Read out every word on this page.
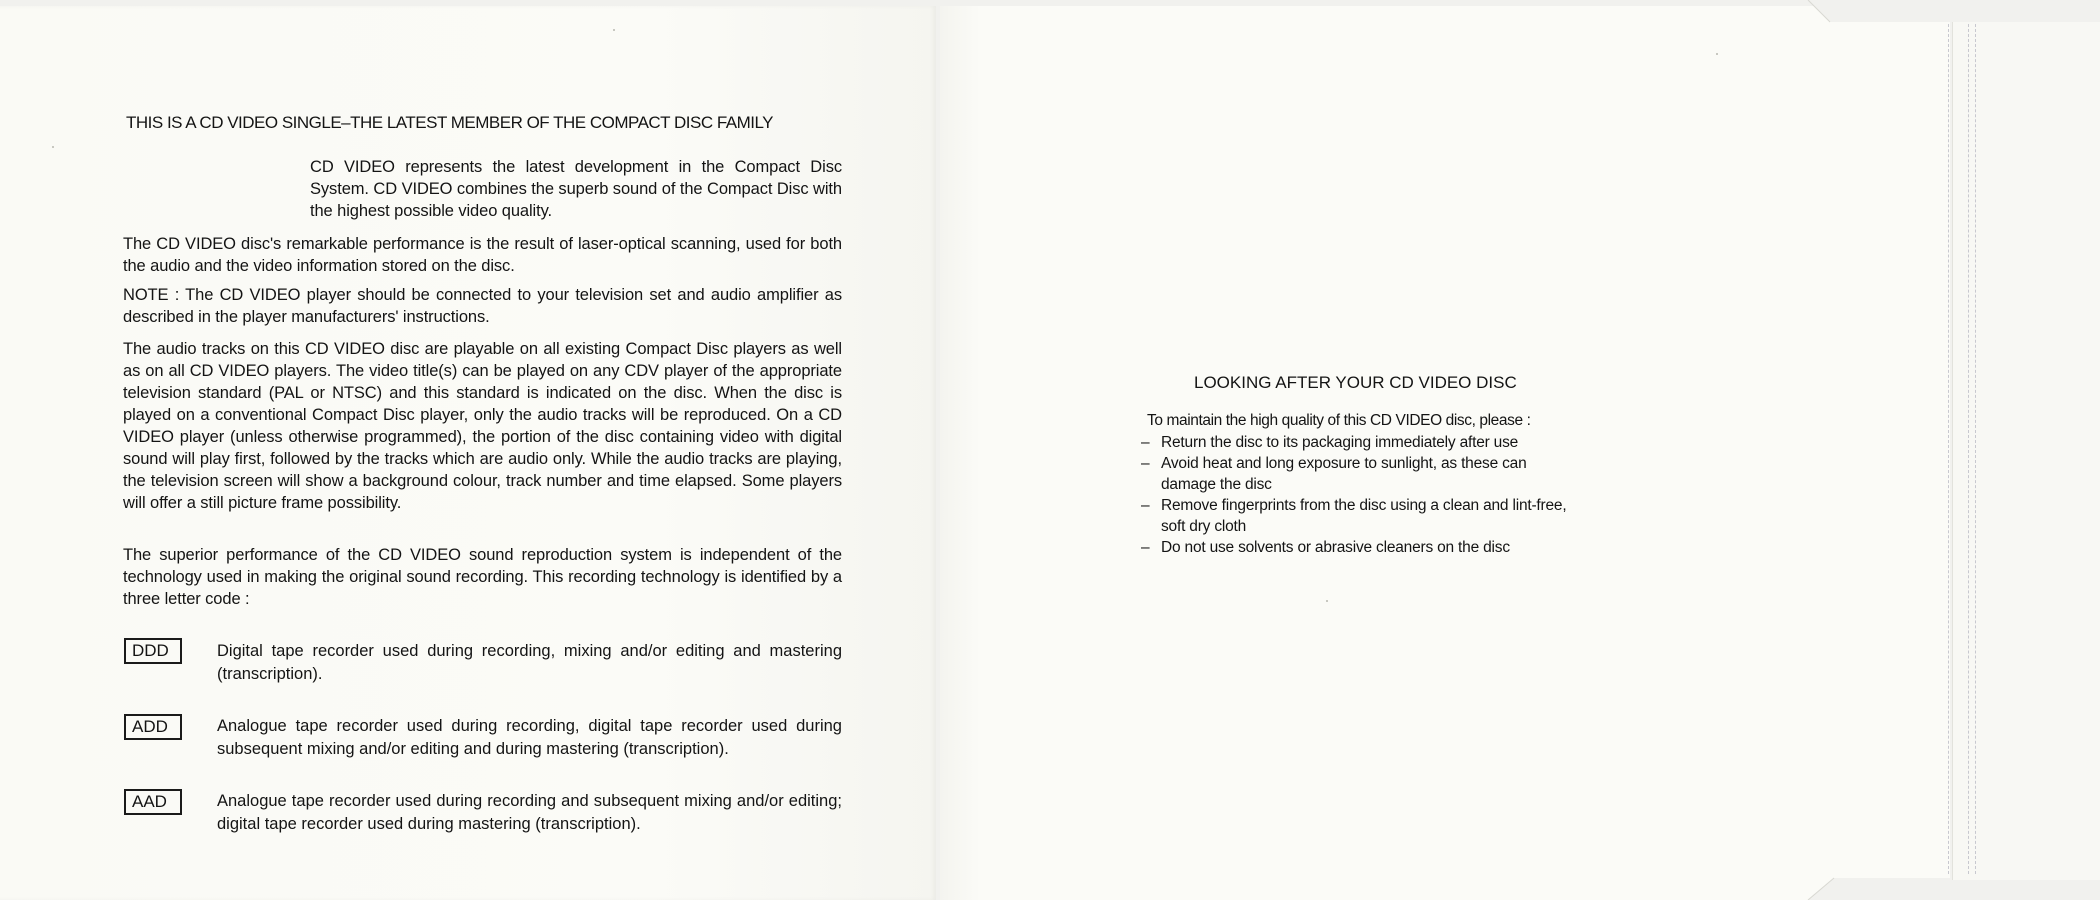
THIS IS A CD VIDEO SINGLE–THE LATEST MEMBER OF THE COMPACT DISC FAMILY

CD VIDEO represents the latest development in the Compact Disc System. CD VIDEO combines the superb sound of the Compact Disc with the highest possible video quality.

The CD VIDEO disc's remarkable performance is the result of laser-optical scanning, used for both the audio and the video information stored on the disc.

NOTE : The CD VIDEO player should be connected to your television set and audio amplifier as described in the player manufacturers' instructions.

The audio tracks on this CD VIDEO disc are playable on all existing Compact Disc players as well as on all CD VIDEO players. The video title(s) can be played on any CDV player of the appropriate television standard (PAL or NTSC) and this standard is indicated on the disc. When the disc is played on a conventional Compact Disc player, only the audio tracks will be reproduced. On a CD VIDEO player (unless otherwise programmed), the portion of the disc containing video with digital sound will play first, followed by the tracks which are audio only. While the audio tracks are playing, the television screen will show a background colour, track number and time elapsed. Some players will offer a still picture frame possibility.

The superior performance of the CD VIDEO sound reproduction system is independent of the technology used in making the original sound recording. This recording technology is identified by a three letter code :

DDD	Digital tape recorder used during recording, mixing and/or editing and mastering (transcription).

ADD	Analogue tape recorder used during recording, digital tape recorder used during subsequent mixing and/or editing and during mastering (transcription).

AAD	Analogue tape recorder used during recording and subsequent mixing and/or editing; digital tape recorder used during mastering (transcription).

LOOKING AFTER YOUR CD VIDEO DISC
To maintain the high quality of this CD VIDEO disc, please :
– Return the disc to its packaging immediately after use
– Avoid heat and long exposure to sunlight, as these can damage the disc
– Remove fingerprints from the disc using a clean and lint-free, soft dry cloth
– Do not use solvents or abrasive cleaners on the disc
